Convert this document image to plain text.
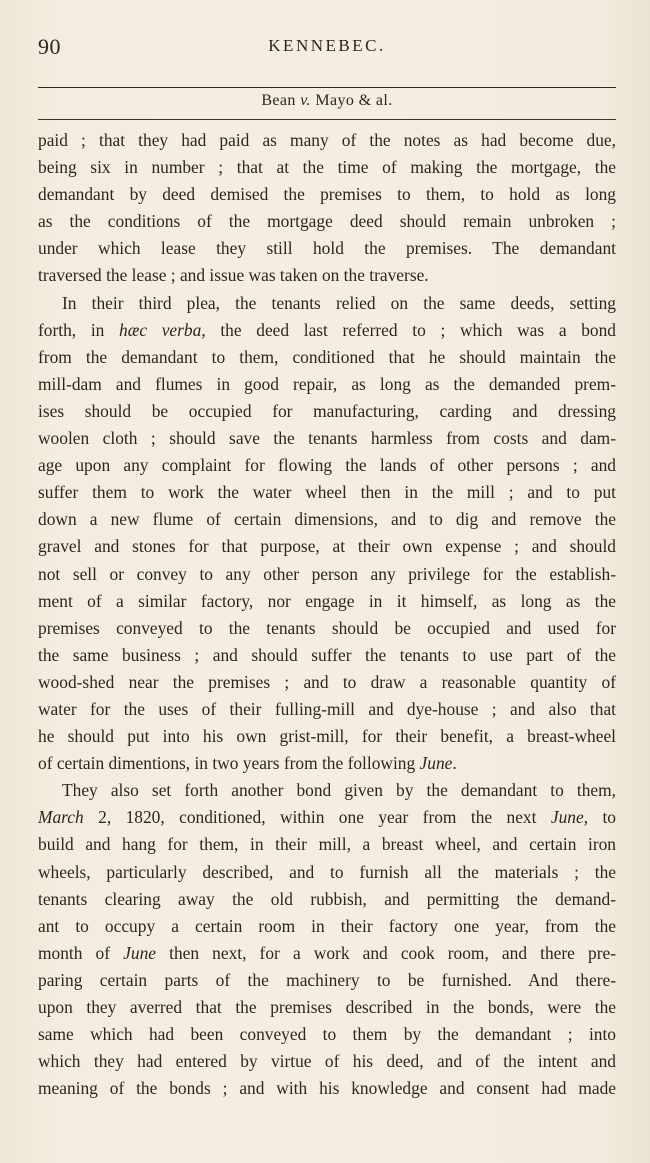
90	KENNEBEC.
Bean v. Mayo & al.
paid ; that they had paid as many of the notes as had become due,
being six in number ; that at the time of making the mortgage, the
demandant by deed demised the premises to them, to hold as long
as the conditions of the mortgage deed should remain unbroken ;
under which lease they still hold the premises. The demandant
traversed the lease ; and issue was taken on the traverse.
In their third plea, the tenants relied on the same deeds, setting
forth, in hæc verba, the deed last referred to ; which was a bond
from the demandant to them, conditioned that he should maintain the
mill-dam and flumes in good repair, as long as the demanded prem-
ises should be occupied for manufacturing, carding and dressing
woolen cloth ; should save the tenants harmless from costs and dam-
age upon any complaint for flowing the lands of other persons ; and
suffer them to work the water wheel then in the mill ; and to put
down a new flume of certain dimensions, and to dig and remove the
gravel and stones for that purpose, at their own expense ; and should
not sell or convey to any other person any privilege for the establish-
ment of a similar factory, nor engage in it himself, as long as the
premises conveyed to the tenants should be occupied and used for
the same business ; and should suffer the tenants to use part of the
wood-shed near the premises ; and to draw a reasonable quantity of
water for the uses of their fulling-mill and dye-house ; and also that
he should put into his own grist-mill, for their benefit, a breast-wheel
of certain dimentions, in two years from the following June.
They also set forth another bond given by the demandant to them,
March 2, 1820, conditioned, within one year from the next June, to
build and hang for them, in their mill, a breast wheel, and certain iron
wheels, particularly described, and to furnish all the materials ; the
tenants clearing away the old rubbish, and permitting the demand-
ant to occupy a certain room in their factory one year, from the
month of June then next, for a work and cook room, and there pre-
paring certain parts of the machinery to be furnished. And there-
upon they averred that the premises described in the bonds, were the
same which had been conveyed to them by the demandant ; into
which they had entered by virtue of his deed, and of the intent and
meaning of the bonds ; and with his knowledge and consent had made
